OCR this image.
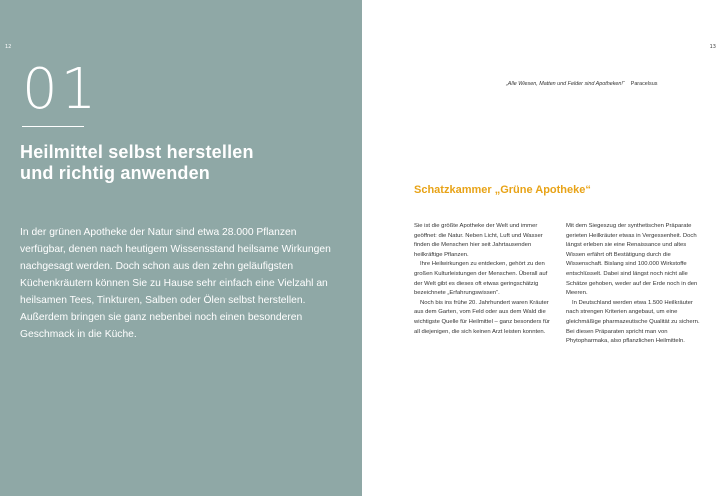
12
01
Heilmittel selbst herstellen
und richtig anwenden
In der grünen Apotheke der Natur sind etwa 28.000 Pflanzen verfügbar, denen nach heutigem Wissensstand heilsame Wirkungen nachgesagt werden. Doch schon aus den zehn geläufigsten Küchenkräutern können Sie zu Hause sehr einfach eine Vielzahl an heilsamen Tees, Tinkturen, Salben oder Ölen selbst herstellen. Außerdem bringen sie ganz nebenbei noch einen besonderen Geschmack in die Küche.
13
„Alle Wiesen, Matten und Felder sind Apotheken!“ Paracelsus
Schatzkammer „Grüne Apotheke“

Sie ist die größte Apotheke der Welt und immer geöffnet: die Natur. Neben Licht, Luft und Wasser finden die Menschen hier seit Jahrtausenden heilkräftige Pflanzen.

Ihre Heilwirkungen zu entdecken, gehört zu den großen Kulturleistungen der Menschen. Überall auf der Welt gibt es dieses oft etwas geringschätzig bezeichnete „Erfahrungswissen“.

Noch bis ins frühe 20. Jahrhundert waren Kräuter aus dem Garten, vom Feld oder aus dem Wald die wichtigste Quelle für Heilmittel – ganz besonders für all diejenigen, die sich keinen Arzt leisten konnten.

Mit dem Siegeszug der synthetischen Präparate gerieten Heilkräuter etwas in Vergessenheit. Doch längst erleben sie eine Renaissance und altes Wissen erfährt oft Bestätigung durch die Wissenschaft. Bislang sind 100.000 Wirkstoffe entschlüsselt. Dabei sind längst noch nicht alle Schätze gehoben, weder auf der Erde noch in den Meeren.

In Deutschland werden etwa 1.500 Heilkräuter nach strengen Kriterien angebaut, um eine gleichmäßige pharmazeutische Qualität zu sichern. Bei diesen Präparaten spricht man von Phytopharmaka, also pflanzlichen Heilmitteln.
